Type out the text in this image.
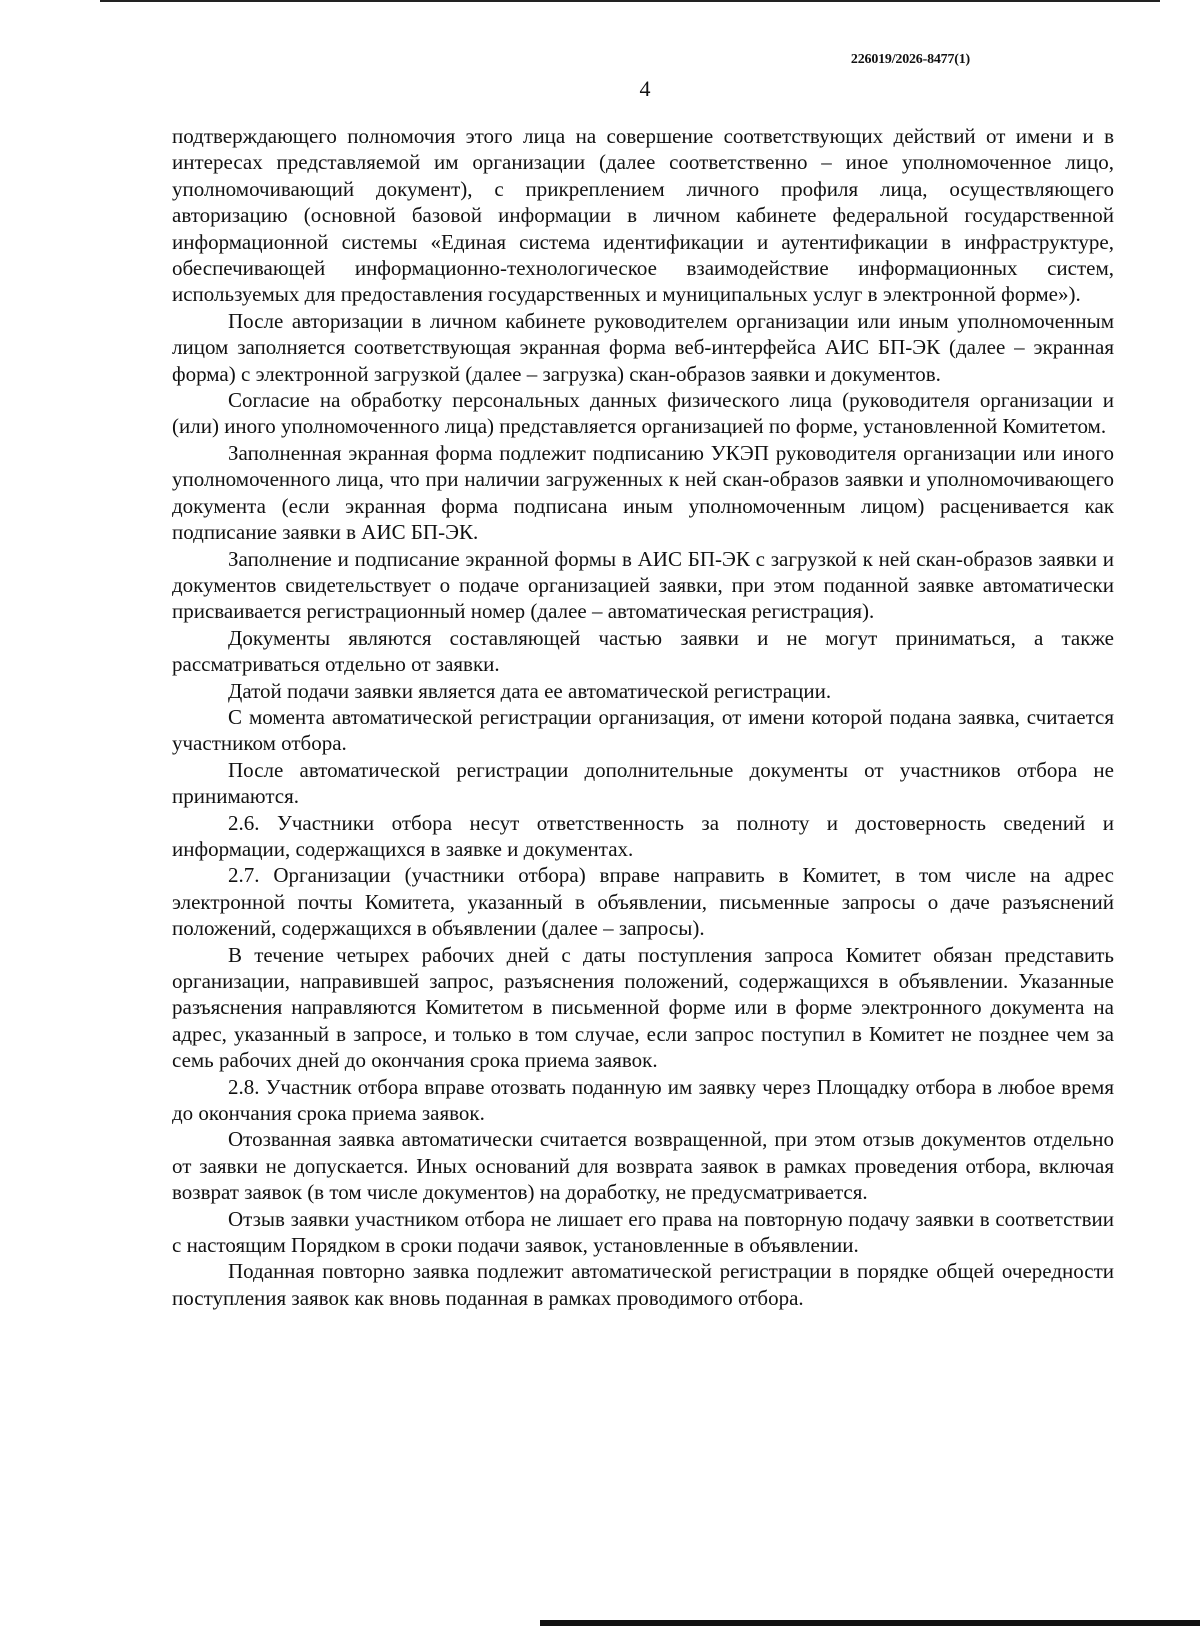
226019/2026-8477(1)
4

подтверждающего полномочия этого лица на совершение соответствующих действий от имени и в интересах представляемой им организации (далее соответственно – иное уполномоченное лицо, уполномочивающий документ), с прикреплением личного профиля лица, осуществляющего авторизацию (основной базовой информации в личном кабинете федеральной государственной информационной системы «Единая система идентификации и аутентификации в инфраструктуре, обеспечивающей информационно-технологическое взаимодействие информационных систем, используемых для предоставления государственных и муниципальных услуг в электронной форме»).

После авторизации в личном кабинете руководителем организации или иным уполномоченным лицом заполняется соответствующая экранная форма веб-интерфейса АИС БП-ЭК (далее – экранная форма) с электронной загрузкой (далее – загрузка) скан-образов заявки и документов.

Согласие на обработку персональных данных физического лица (руководителя организации и (или) иного уполномоченного лица) представляется организацией по форме, установленной Комитетом.

Заполненная экранная форма подлежит подписанию УКЭП руководителя организации или иного уполномоченного лица, что при наличии загруженных к ней скан-образов заявки и уполномочивающего документа (если экранная форма подписана иным уполномоченным лицом) расценивается как подписание заявки в АИС БП-ЭК.

Заполнение и подписание экранной формы в АИС БП-ЭК с загрузкой к ней скан-образов заявки и документов свидетельствует о подаче организацией заявки, при этом поданной заявке автоматически присваивается регистрационный номер (далее – автоматическая регистрация).

Документы являются составляющей частью заявки и не могут приниматься, а также рассматриваться отдельно от заявки.

Датой подачи заявки является дата ее автоматической регистрации.

С момента автоматической регистрации организация, от имени которой подана заявка, считается участником отбора.

После автоматической регистрации дополнительные документы от участников отбора не принимаются.

2.6. Участники отбора несут ответственность за полноту и достоверность сведений и информации, содержащихся в заявке и документах.

2.7. Организации (участники отбора) вправе направить в Комитет, в том числе на адрес электронной почты Комитета, указанный в объявлении, письменные запросы о даче разъяснений положений, содержащихся в объявлении (далее – запросы).

В течение четырех рабочих дней с даты поступления запроса Комитет обязан представить организации, направившей запрос, разъяснения положений, содержащихся в объявлении. Указанные разъяснения направляются Комитетом в письменной форме или в форме электронного документа на адрес, указанный в запросе, и только в том случае, если запрос поступил в Комитет не позднее чем за семь рабочих дней до окончания срока приема заявок.

2.8. Участник отбора вправе отозвать поданную им заявку через Площадку отбора в любое время до окончания срока приема заявок.

Отозванная заявка автоматически считается возвращенной, при этом отзыв документов отдельно от заявки не допускается. Иных оснований для возврата заявок в рамках проведения отбора, включая возврат заявок (в том числе документов) на доработку, не предусматривается.

Отзыв заявки участником отбора не лишает его права на повторную подачу заявки в соответствии с настоящим Порядком в сроки подачи заявок, установленные в объявлении.

Поданная повторно заявка подлежит автоматической регистрации в порядке общей очередности поступления заявок как вновь поданная в рамках проводимого отбора.
